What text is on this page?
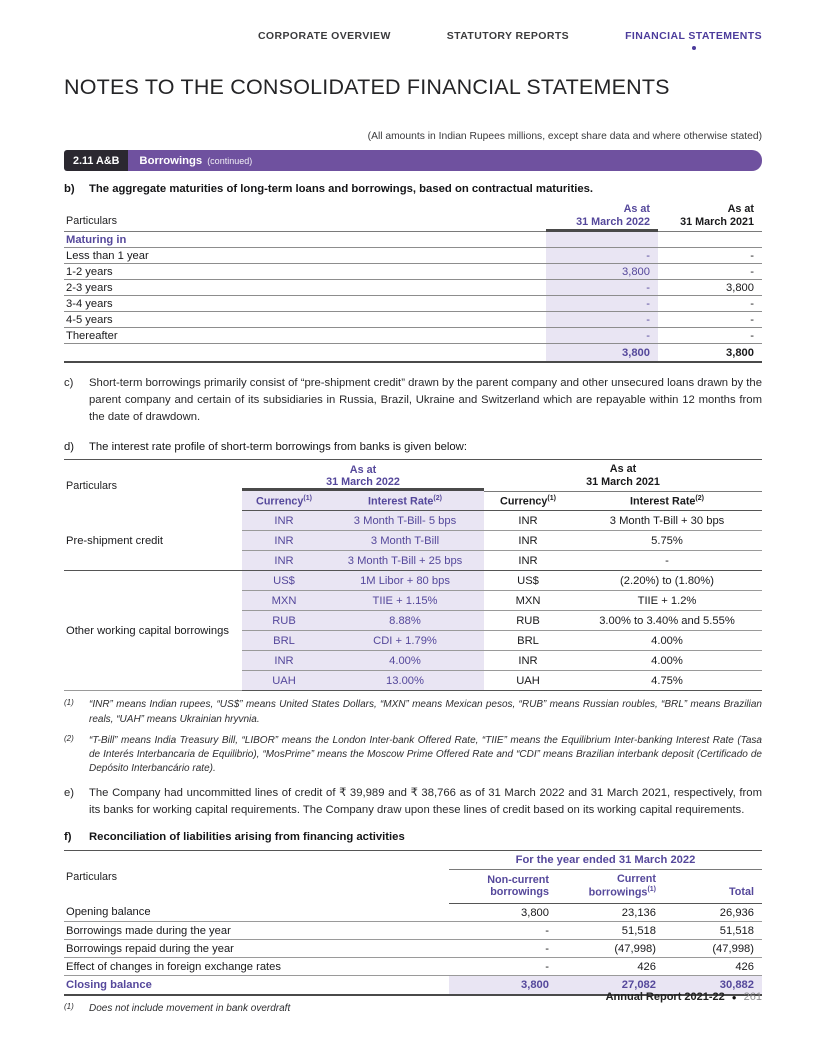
CORPORATE OVERVIEW	STATUTORY REPORTS	FINANCIAL STATEMENTS
NOTES TO THE CONSOLIDATED FINANCIAL STATEMENTS
(All amounts in Indian Rupees millions, except share data and where otherwise stated)
2.11 A&B	Borrowings (continued)
b)	The aggregate maturities of long-term loans and borrowings, based on contractual maturities.
Particulars	
As at
31 March 2022

As at
31 March 2021

Maturing in		
Less than 1 year	-	-
1-2 years	3,800	-
2-3 years	-	3,800
3-4 years	-	-
4-5 years	-	-
Thereafter	-	-
	3,800	3,800
c)	Short-term borrowings primarily consist of “pre-shipment credit” drawn by the parent company and other unsecured loans drawn by the parent company and certain of its subsidiaries in Russia, Brazil, Ukraine and Switzerland which are repayable within 12 months from the date of drawdown.
d)	The interest rate profile of short-term borrowings from banks is given below:
Particulars	
As at
31 March 2022

As at
31 March 2021

	Currency$^{(1)}$	Interest Rate$^{(2)}$	Currency$^{(1)}$	Interest Rate$^{(2)}$
Pre-shipment credit	INR	3 Month T-Bill- 5 bps	INR	3 Month T-Bill + 30 bps
	INR	3 Month T-Bill	INR	5.75%
	INR	3 Month T-Bill + 25 bps	INR	-
Other working capital borrowings	US$	1M Libor + 80 bps	US$	(2.20%) to (1.80%)
	MXN	TIIE + 1.15%	MXN	TIIE + 1.2%
	RUB	8.88%	RUB	3.00% to 3.40% and 5.55%
	BRL	CDI + 1.79%	BRL	4.00%
	INR	4.00%	INR	4.00%
	UAH	13.00%	UAH	4.75%
(1)	“INR” means Indian rupees, “US$” means United States Dollars, “MXN” means Mexican pesos, “RUB” means Russian roubles, “BRL” means Brazilian reals, “UAH” means Ukrainian hryvnia.
(2)	“T-Bill” means India Treasury Bill, “LIBOR” means the London Inter-bank Offered Rate, “TIIE” means the Equilibrium Inter-banking Interest Rate (Tasa de Interés Interbancaria de Equilibrio), “MosPrime” means the Moscow Prime Offered Rate and “CDI” means Brazilian interbank deposit (Certificado de Depósito Interbancário rate).
e)	The Company had uncommitted lines of credit of ₹ 39,989 and ₹ 38,766 as of 31 March 2022 and 31 March 2021, respectively, from its banks for working capital requirements. The Company draw upon these lines of credit based on its working capital requirements.
f)	Reconciliation of liabilities arising from financing activities
Particulars	For the year ended 31 March 2022		

Non-current
borrowings

Current
borrowings$^{(1)}$	Total

Opening balance	3,800	23,136	26,936
Borrowings made during the year	-	51,518	51,518
Borrowings repaid during the year	-	(47,998)	(47,998)
Effect of changes in foreign exchange rates	-	426	426
Closing balance	3,800	27,082	30,882
(1)	Does not include movement in bank overdraft
Annual Report 2021-22 ● 261
